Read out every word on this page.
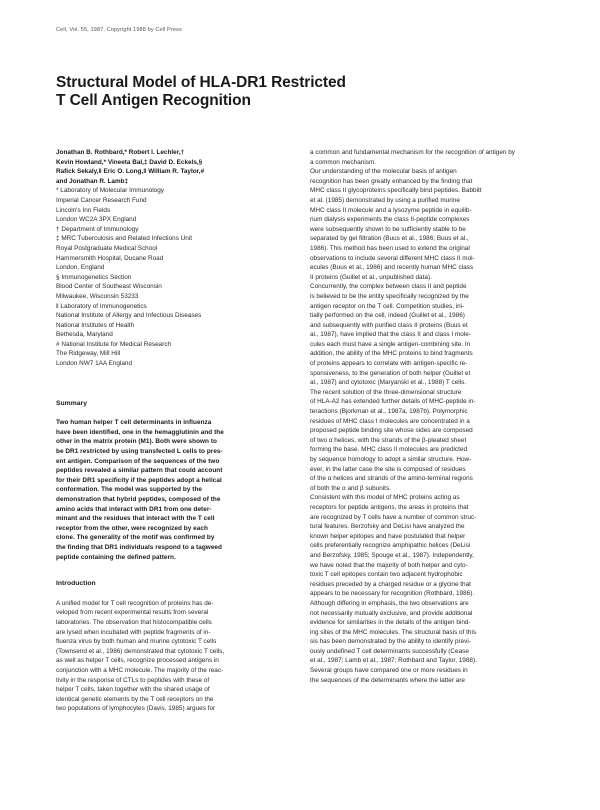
Cell, Vol. 55, 1987, Copyright 1988 by Cell Press
Structural Model of HLA-DR1 Restricted
T Cell Antigen Recognition
Jonathan B. Rothbard,* Robert I. Lechler,†
Kevin Howland,* Vineeta Bal,‡ David D. Eckels,§
Rafick Sekaly,‖ Eric O. Long,‖ William R. Taylor,#
and Jonathan R. Lamb‡
* Laboratory of Molecular Immunology
Imperial Cancer Research Fund
Lincoln's Inn Fields
London WC2A 3PX England
† Department of Immunology
‡ MRC Tuberculosis and Related Infections Unit
Royal Postgraduate Medical School
Hammersmith Hospital, Ducane Road
London, England
§ Immunogenetics Section
Blood Center of Southeast Wisconsin
Milwaukee, Wisconsin 53233
‖ Laboratory of Immunogenetics
National Institute of Allergy and Infectious Diseases
National Institutes of Health
Bethesda, Maryland
# National Institute for Medical Research
The Ridgeway, Mill Hill
London NW7 1AA England
Summary
Two human helper T cell determinants in influenza
have been identified, one in the hemagglutinin and the
other in the matrix protein (M1). Both were shown to
be DR1 restricted by using transfected L cells to pres-
ent antigen. Comparison of the sequences of the two
peptides revealed a similar pattern that could account
for their DR1 specificity if the peptides adopt a helical
conformation. The model was supported by the
demonstration that hybrid peptides, composed of the
amino acids that interact with DR1 from one deter-
minant and the residues that interact with the T cell
receptor from the other, were recognized by each
clone. The generality of the motif was confirmed by
the finding that DR1 individuals respond to a tagweed
peptide containing the defined pattern.
Introduction
A unified model for T cell recognition of proteins has de-
veloped from recent experimental results from several
laboratories. The observation that histocompatible cells
are lysed when incubated with peptide fragments of in-
fluenza virus by both human and murine cytotoxic T cells
(Townsend et al., 1986) demonstrated that cytotoxic T cells,
as well as helper T cells, recognize processed antigens in
conjunction with a MHC molecule. The majority of the reac-
tivity in the response of CTLs to peptides with these of
helper T cells, taken together with the shared usage of
identical genetic elements by the T cell receptors on the
two populations of lymphocytes (Davis, 1985) argues for
a common and fundamental mechanism for the recognition of antigen by
a common mechanism.
Our understanding of the molecular basis of antigen
recognition has been greatly enhanced by the finding that
MHC class II glycoproteins specifically bind peptides. Babbitt
et al. (1985) demonstrated by using a purified murine
MHC class II molecule and a lysozyme peptide in equilib-
rium dialysis experiments the class II-peptide complexes
were subsequently shown to be sufficiently stable to be
separated by gel filtration (Buus et al., 1986; Buus et al.,
1986). This method has been used to extend the original
observations to include several different MHC class II mol-
ecules (Buus et al., 1986) and recently human MHC class
II proteins (Guillet et al., unpublished data).
Concurrently, the complex between class II and peptide
is believed to be the entity specifically recognized by the
antigen receptor on the T cell. Competition studies, ini-
tially performed on the cell, indeed (Guillet et al., 1986)
and subsequently with purified class II proteins (Buus et
al., 1987), have implied that the class II and class I mole-
cules each must have a single antigen-combining site. In
addition, the ability of the MHC proteins to bind fragments
of proteins appears to correlate with antigen-specific re-
sponsiveness, to the generation of both helper (Guillet et
al., 1987) and cytotoxic (Maryanski et al., 1988) T cells.
The recent solution of the three-dimensional structure
of HLA-A2 has extended further details of MHC-peptide in-
teractions (Bjorkman et al., 1987a, 1987b). Polymorphic
residues of MHC class I molecules are concentrated in a
proposed peptide binding site whose sides are composed
of two α helices, with the strands of the β-pleated sheet
forming the base. MHC class II molecules are predicted
by sequence homology to adopt a similar structure. How-
ever, in the latter case the site is composed of residues
of the α helices and strands of the amino-terminal regions
of both the α and β subunits.
Consistent with this model of MHC proteins acting as
receptors for peptide antigens, the areas in proteins that
are recognized by T cells have a number of common struc-
tural features. Berzofsky and DeLisi have analyzed the
known helper epitopes and have postulated that helper
cells preferentially recognize amphipathic helices (DeLisi
and Berzofsky, 1985; Spouge et al., 1987). Independently,
we have noted that the majority of both helper and cyto-
toxic T cell epitopes contain two adjacent hydrophobic
residues preceded by a charged residue or a glycine that
appears to be necessary for recognition (Rothbard, 1986).
Although differing in emphasis, the two observations are
not necessarily mutually exclusive, and provide additional
evidence for similarities in the details of the antigen bind-
ing sites of the MHC molecules. The structural basis of this
sis has been demonstrated by the ability to identify previ-
ously undefined T cell determinants successfully (Cease
et al., 1987; Lamb et al., 1987; Rothbard and Taylor, 1988).
Several groups have compared one or more residues in
the sequences of the determinants where the latter are
